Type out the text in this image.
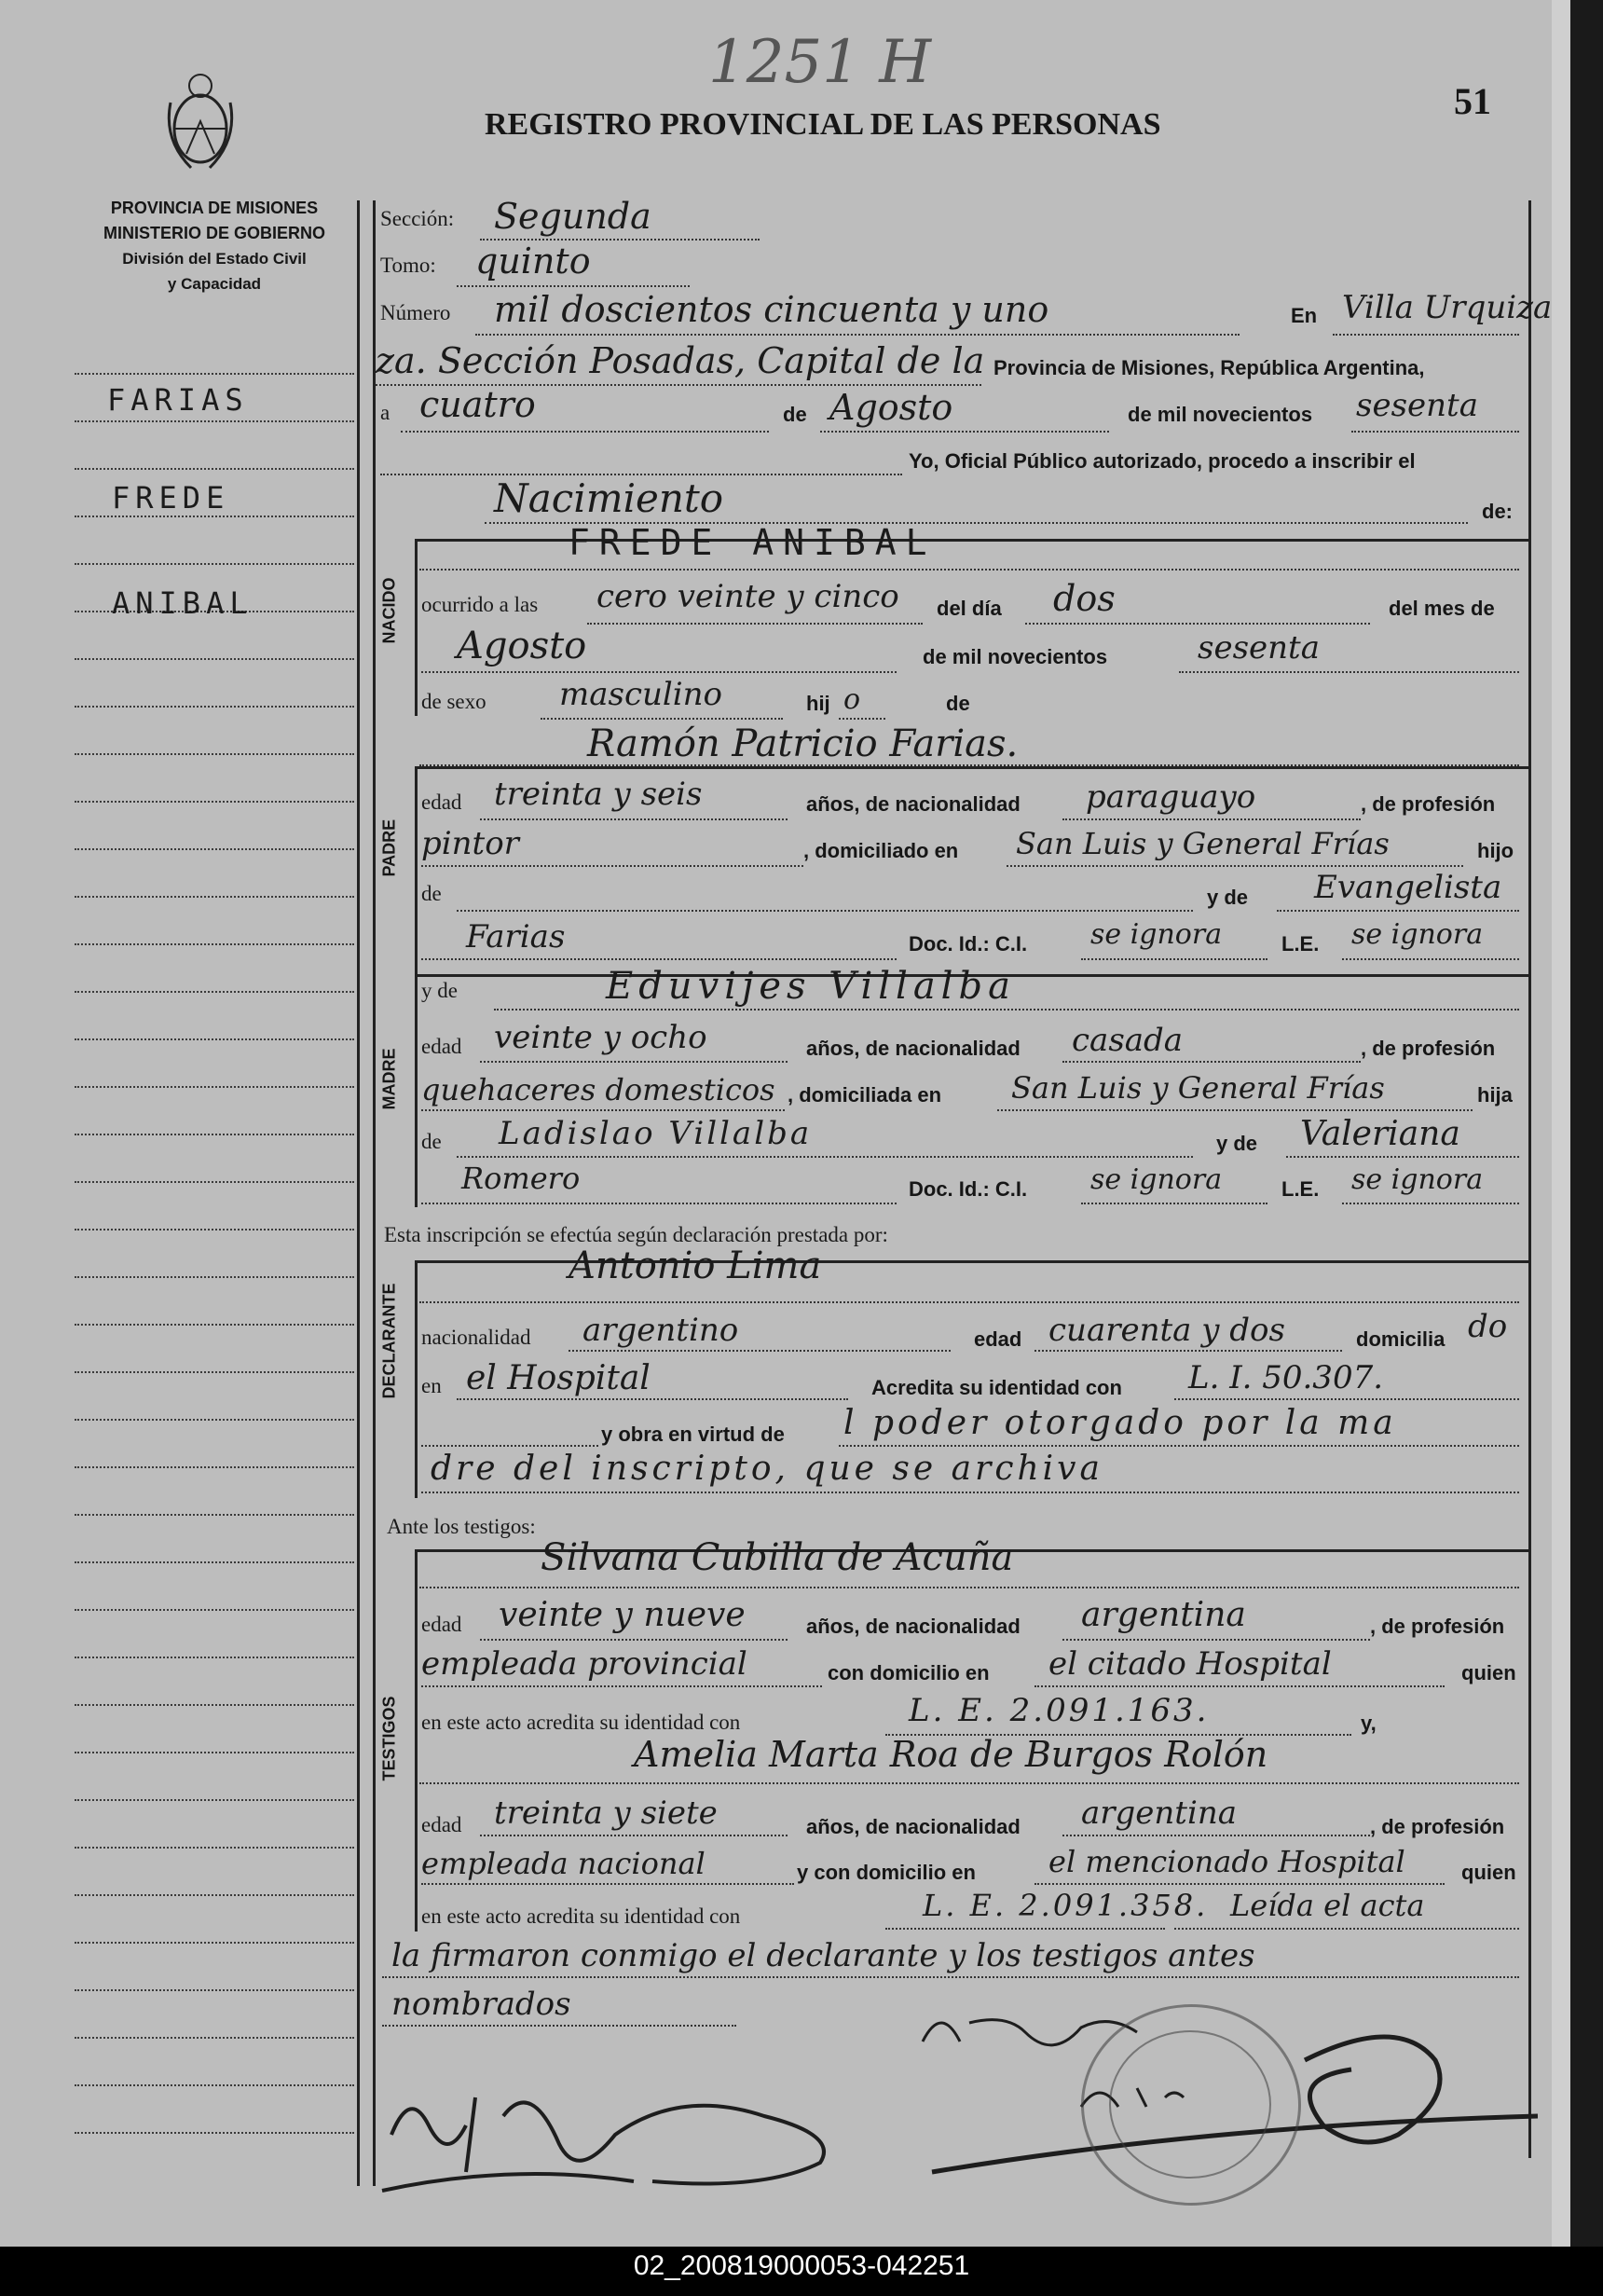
1251 H
REGISTRO PROVINCIAL DE LAS PERSONAS
51
PROVINCIA DE MISIONES
MINISTERIO DE GOBIERNO
División del Estado Civil
y Capacidad
FARIAS
FREDE
ANIBAL
Sección: Segunda
Tomo: quinto
Número mil doscientos cincuenta y uno	En Villa Urquiza
za. Sección Posadas, Capital de la Provincia de Misiones, República Argentina,
a cuatro	de Agosto	de mil novecientos sesenta
Yo, Oficial Público autorizado, procedo a inscribir el
Nacimiento	de:
NACIDO
FREDE ANIBAL
ocurrido a las cero veinte y cinco del día dos	del mes de
Agosto	de mil novecientos	sesenta
de sexo masculino	hij o	de
PADRE
Ramón Patricio Farias.
edad treinta y seis	años, de nacionalidad paraguayo	, de profesión
pintor	, domiciliado en San Luis y General Frías	hijo
de	y de Evangelista
Farias	Doc. Id.: C.I. se ignora	L.E. se ignora
MADRE
y de	Eduvijes Villalba
edad veinte y ocho	años, de nacionalidad casada	, de profesión
quehaceres domesticos , domiciliada en San Luis y General Frías	hija
de Ladislao Villalba	y de Valeriana
Romero	Doc. Id.: C.I. se ignora	L.E. se ignora
Esta inscripción se efectúa según declaración prestada por:
DECLARANTE
Antonio Lima
nacionalidad argentino	edad cuarenta y dos	domicilia do
en el Hospital	Acredita su identidad con L. I. 50.307.
y obra en virtud de l poder otorgado por la ma
dre del inscripto, que se archiva
Ante los testigos:
TESTIGOS
Silvana Cubilla de Acuña
edad veinte y nueve	años, de nacionalidad argentina	, de profesión
empleada provincial	con domicilio en el citado Hospital	quien
en este acto acredita su identidad con	L. E. 2.091.163.	y,
Amelia Marta Roa de Burgos Rolón
edad treinta y siete	años, de nacionalidad argentina	, de profesión
empleada nacional	y con domicilio en el mencionado Hospital	quien
en este acto acredita su identidad con	L. E. 2.091.358. Leída el acta
la firmaron conmigo el declarante y los testigos antes
nombrados
02_200819000053-042251
